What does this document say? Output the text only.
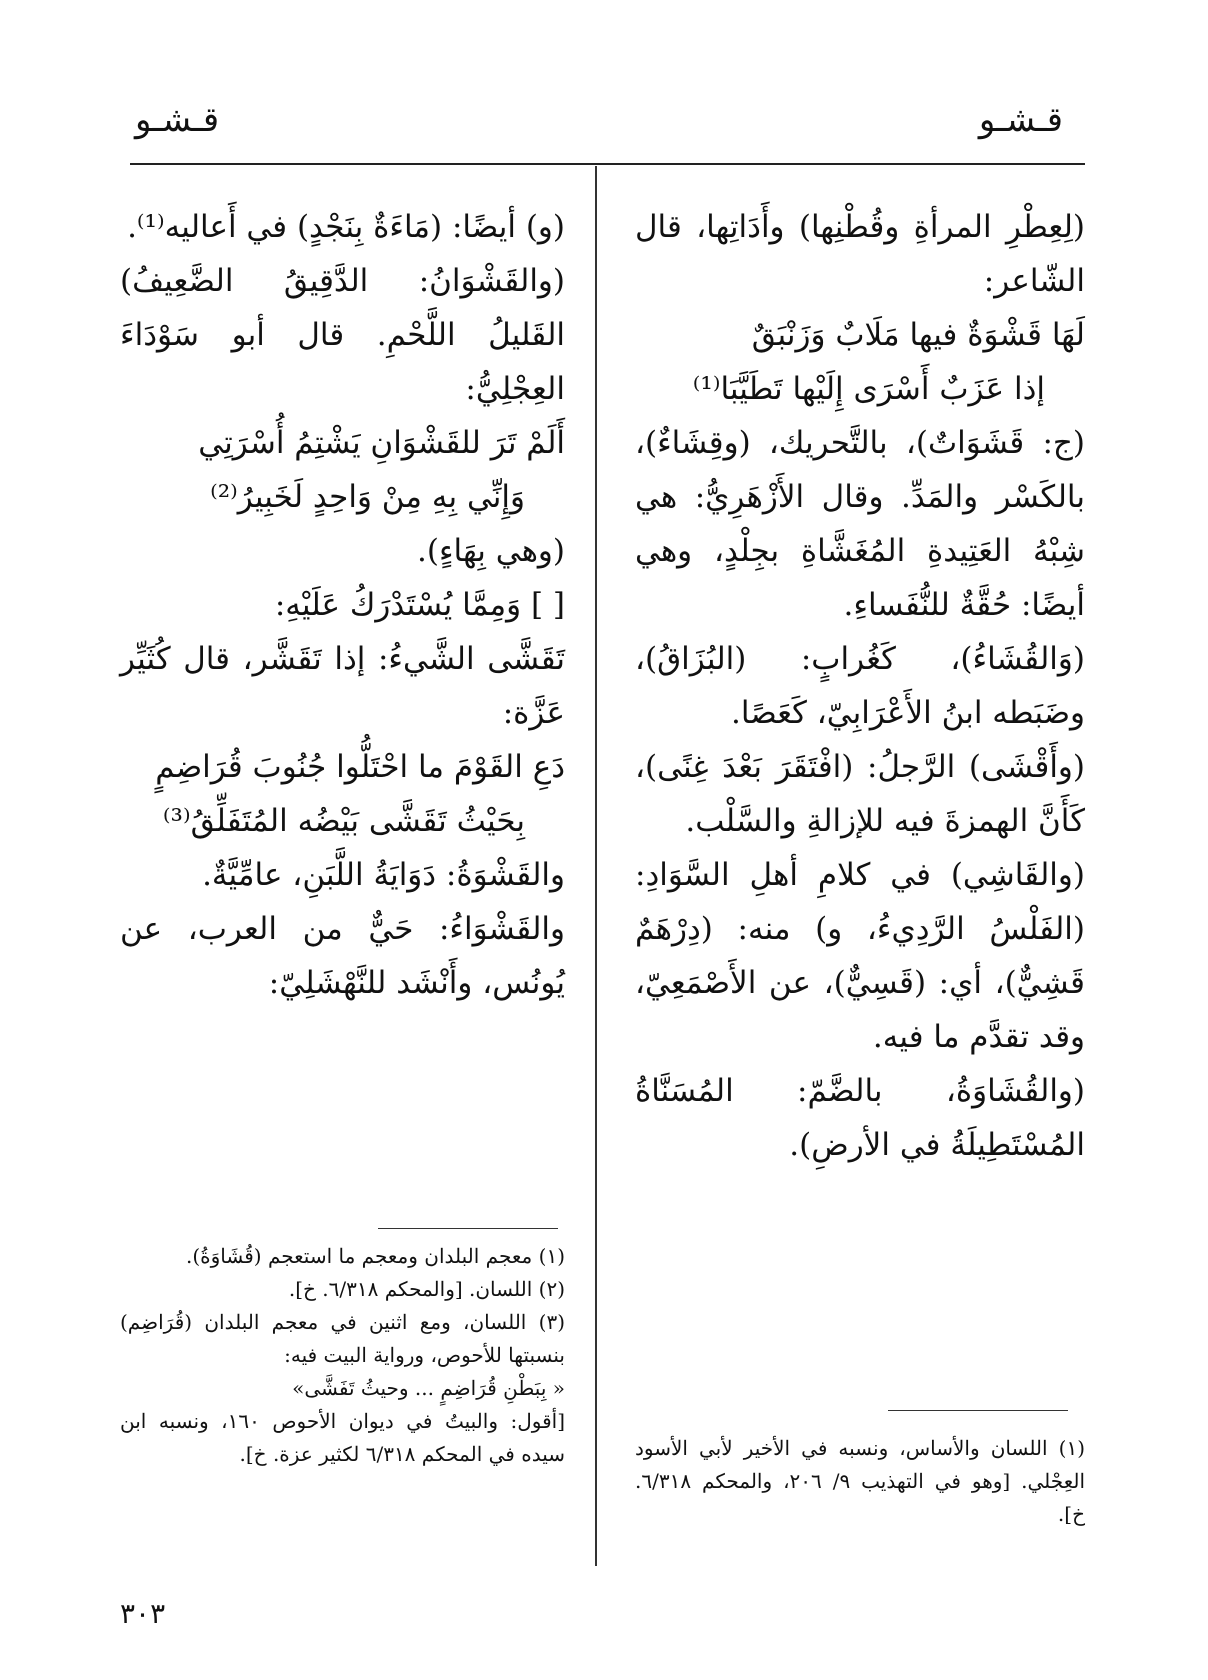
قـشـو
قـشـو

(لِعِطْرِ المرأةِ وقُطْنِها) وأَدَاتِها، قال الشّاعر:

لَهَا قَشْوَةٌ فيها مَلَابٌ وَزَنْبَقٌ

إذا عَزَبٌ أَسْرَى إِلَيْها تَطَيَّبَا⁽¹⁾

(ج: قَشَوَاتٌ)، بالتَّحريك، (وقِشَاءٌ)، بالكَسْر والمَدِّ. وقال الأَزْهَرِيُّ: هي شِبْهُ العَتِيدةِ المُغَشَّاةِ بجِلْدٍ، وهي أيضًا: حُقَّةٌ للنُّفَساءِ.

(وَالقُشَاءُ)، كَغُرابٍ: (البُزَاقُ)، وضَبَطه ابنُ الأَعْرَابِيّ، كَعَصًا.

(وأَقْشَى) الرَّجلُ: (افْتَقَرَ بَعْدَ غِنًى)، كَأَنَّ الهمزةَ فيه للإزالةِ والسَّلْب.

(والقَاشِي) في كلامِ أهلِ السَّوَادِ: (الفَلْسُ الرَّدِيءُ، و) منه: (دِرْهَمٌ قَشِيٌّ)، أي: (قَسِيٌّ)، عن الأَصْمَعِيّ، وقد تقدَّم ما فيه.

(والقُشَاوَةُ، بالضَّمّ: المُسَنَّاةُ المُسْتَطِيلَةُ في الأرضِ).

(١) اللسان والأساس، ونسبه في الأخير لأبي الأسود العِجْلي. [وهو في التهذيب ٩/ ٢٠٦، والمحكم ٦/٣١٨. خ].

(و) أيضًا: (مَاءَةٌ بِنَجْدٍ) في أَعاليه⁽¹⁾.

(والقَشْوَانُ: الدَّقِيقُ الضَّعِيفُ) القَليلُ اللَّحْمِ. قال أبو سَوْدَاءَ العِجْلِيُّ:

أَلَمْ تَرَ للقَشْوَانِ يَشْتِمُ أُسْرَتِي

وَإِنِّي بِهِ مِنْ وَاحِدٍ لَخَبِيرُ⁽²⁾

(وهي بِهَاءٍ).

[ ] وَمِمَّا يُسْتَدْرَكُ عَلَيْهِ:

تَقَشَّى الشَّيءُ: إذا تَقَشَّر، قال كُثَيِّر عَزَّة:

دَعِ القَوْمَ ما احْتَلُّوا جُنُوبَ قُرَاضِمٍ

بِحَيْثُ تَقَشَّى بَيْضُه المُتَفَلِّقُ⁽³⁾

والقَشْوَةُ: دَوَايَةُ اللَّبَنِ، عامِّيَّةٌ.

والقَشْوَاءُ: حَيٌّ من العرب، عن يُونُس، وأَنْشَد للنَّهْشَلِيّ:

(١) معجم البلدان ومعجم ما استعجم (قُشَاوَةُ).

(٢) اللسان. [والمحكم ٦/٣١٨. خ].

(٣) اللسان، ومع اثنين في معجم البلدان (قُرَاضِم) بنسبتها للأحوص، ورواية البيت فيه:

« بِبَطْنِ قُرَاضِمٍ ... وحيثُ تَفَشَّى»

[أقول: والبيتُ في ديوان الأحوص ١٦٠، ونسبه ابن سيده في المحكم ٦/٣١٨ لكثير عزة. خ].

٣٠٣
